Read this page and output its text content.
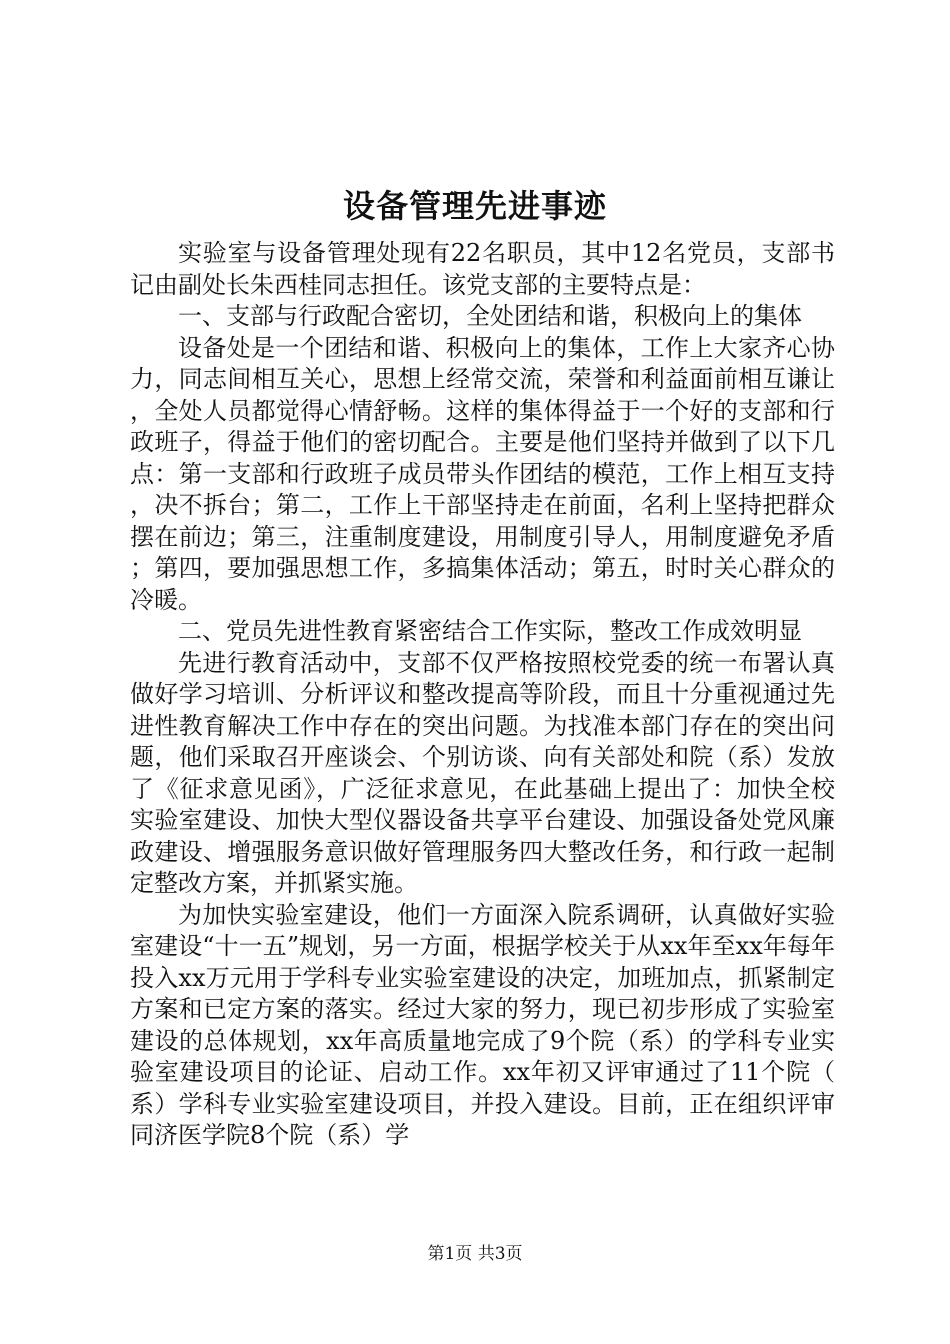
设备管理先进事迹

实验室与设备管理处现有22名职员，其中12名党员，支部书记由副处长朱西桂同志担任。该党支部的主要特点是：

一、支部与行政配合密切，全处团结和谐，积极向上的集体

设备处是一个团结和谐、积极向上的集体，工作上大家齐心协力，同志间相互关心，思想上经常交流，荣誉和利益面前相互谦让，全处人员都觉得心情舒畅。这样的集体得益于一个好的支部和行政班子，得益于他们的密切配合。主要是他们坚持并做到了以下几点：第一支部和行政班子成员带头作团结的模范，工作上相互支持，决不拆台；第二，工作上干部坚持走在前面，名利上坚持把群众摆在前边；第三，注重制度建设，用制度引导人，用制度避免矛盾；第四，要加强思想工作，多搞集体活动；第五，时时关心群众的冷暖。

二、党员先进性教育紧密结合工作实际，整改工作成效明显

先进行教育活动中，支部不仅严格按照校党委的统一布署认真做好学习培训、分析评议和整改提高等阶段，而且十分重视通过先进性教育解决工作中存在的突出问题。为找准本部门存在的突出问题，他们采取召开座谈会、个别访谈、向有关部处和院（系）发放了《征求意见函》，广泛征求意见，在此基础上提出了：加快全校实验室建设、加快大型仪器设备共享平台建设、加强设备处党风廉政建设、增强服务意识做好管理服务四大整改任务，和行政一起制定整改方案，并抓紧实施。

为加快实验室建设，他们一方面深入院系调研，认真做好实验室建设“十一五”规划，另一方面，根据学校关于从xx年至xx年每年投入xx万元用于学科专业实验室建设的决定，加班加点，抓紧制定方案和已定方案的落实。经过大家的努力，现已初步形成了实验室建设的总体规划，xx年高质量地完成了9个院（系）的学科专业实验室建设项目的论证、启动工作。xx年初又评审通过了11个院（系）学科专业实验室建设项目，并投入建设。目前，正在组织评审同济医学院8个院（系）学

第1页 共3页
